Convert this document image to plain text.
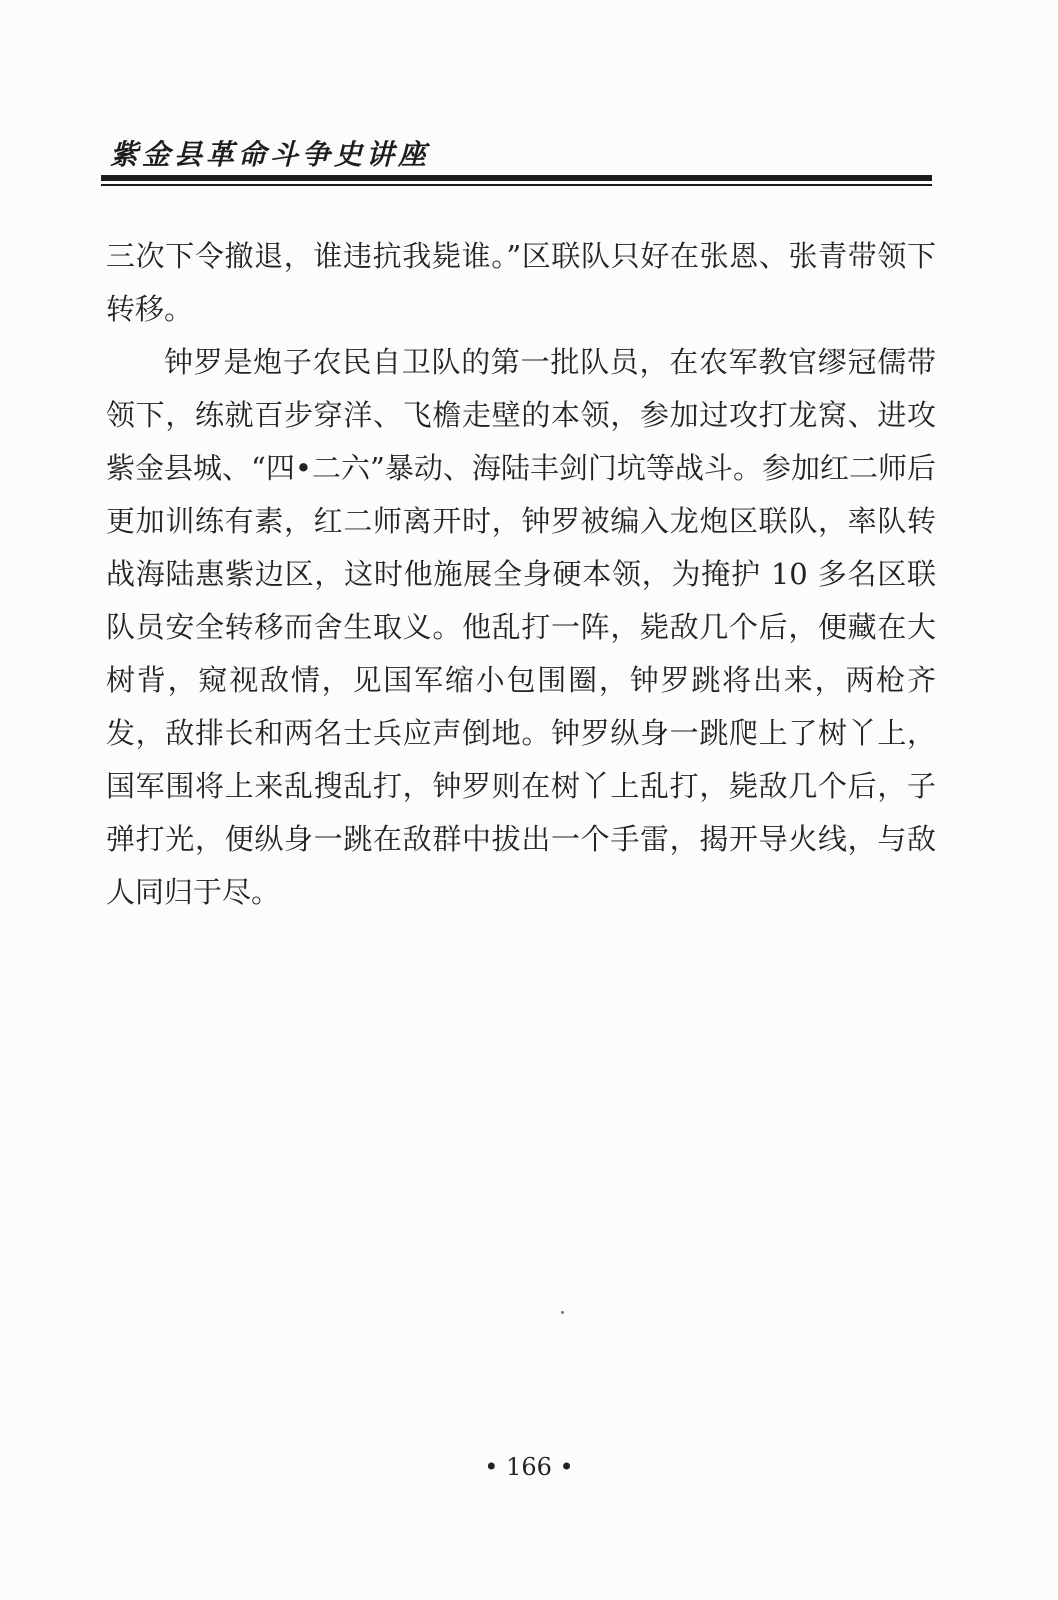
紫金县革命斗争史讲座

三次下令撤退，谁违抗我毙谁。”区联队只好在张恩、张青带领下转移。

钟罗是炮子农民自卫队的第一批队员，在农军教官缪冠儒带领下，练就百步穿洋、飞檐走壁的本领，参加过攻打龙窝、进攻紫金县城、“四•二六”暴动、海陆丰剑门坑等战斗。参加红二师后更加训练有素，红二师离开时，钟罗被编入龙炮区联队，率队转战海陆惠紫边区，这时他施展全身硬本领，为掩护 10 多名区联队员安全转移而舍生取义。他乱打一阵，毙敌几个后，便藏在大树背，窥视敌情，见国军缩小包围圈，钟罗跳将出来，两枪齐发，敌排长和两名士兵应声倒地。钟罗纵身一跳爬上了树丫上，国军围将上来乱搜乱打，钟罗则在树丫上乱打，毙敌几个后，子弹打光，便纵身一跳在敌群中拔出一个手雷，揭开导火线，与敌人同归于尽。

• 166 •
